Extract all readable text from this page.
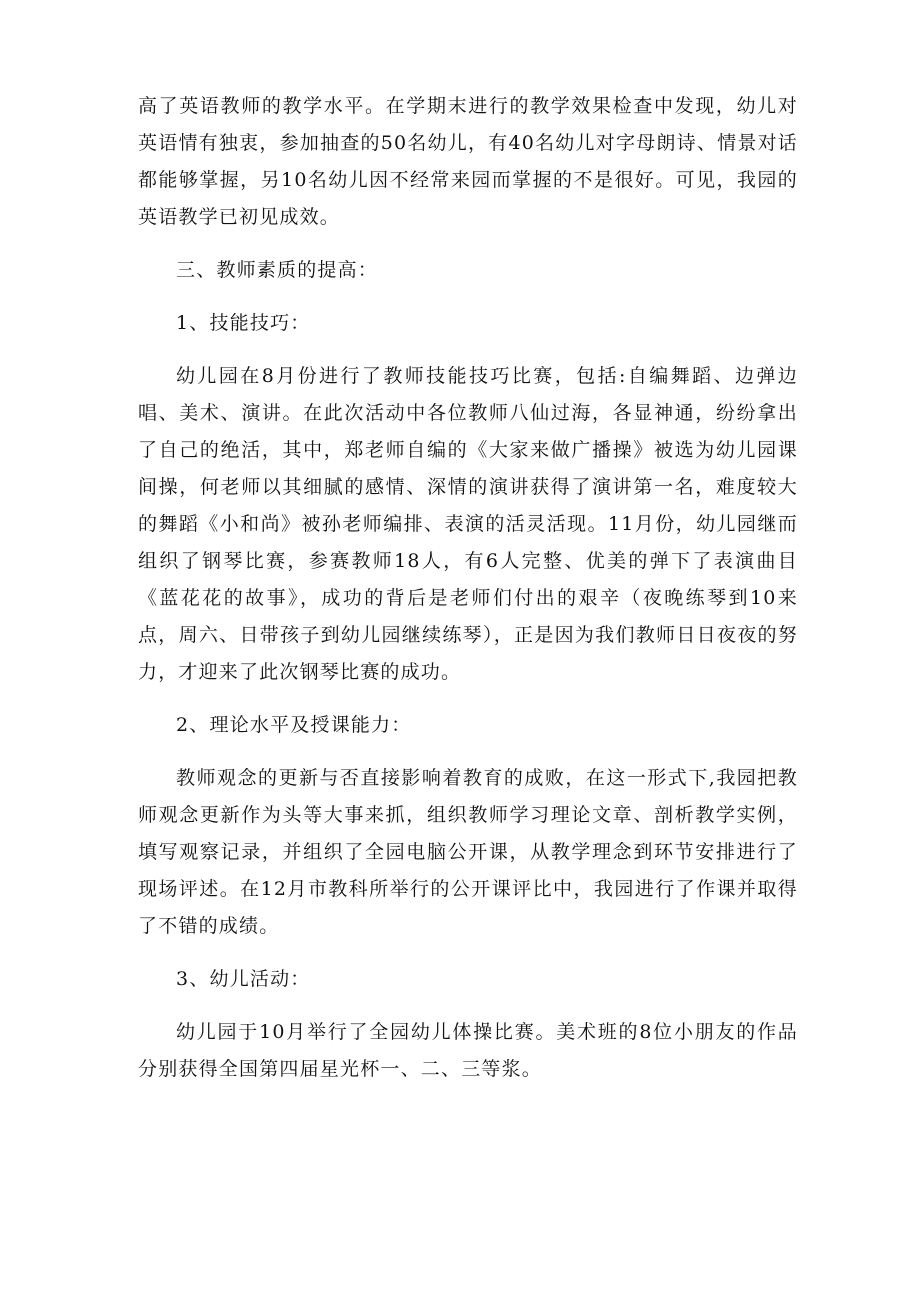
高了英语教师的教学水平。在学期末进行的教学效果检查中发现，幼儿对英语情有独衷，参加抽查的50名幼儿，有40名幼儿对字母朗诗、情景对话都能够掌握，另10名幼儿因不经常来园而掌握的不是很好。可见，我园的英语教学已初见成效。

三、教师素质的提高：

1、技能技巧：

幼儿园在8月份进行了教师技能技巧比赛，包括:自编舞蹈、边弹边唱、美术、演讲。在此次活动中各位教师八仙过海，各显神通，纷纷拿出了自己的绝活，其中，郑老师自编的《大家来做广播操》被选为幼儿园课间操，何老师以其细腻的感情、深情的演讲获得了演讲第一名，难度较大的舞蹈《小和尚》被孙老师编排、表演的活灵活现。11月份，幼儿园继而组织了钢琴比赛，参赛教师18人，有6人完整、优美的弹下了表演曲目《蓝花花的故事》，成功的背后是老师们付出的艰辛（夜晚练琴到10来点，周六、日带孩子到幼儿园继续练琴），正是因为我们教师日日夜夜的努力，才迎来了此次钢琴比赛的成功。

2、理论水平及授课能力：

教师观念的更新与否直接影响着教育的成败，在这一形式下,我园把教师观念更新作为头等大事来抓，组织教师学习理论文章、剖析教学实例，填写观察记录，并组织了全园电脑公开课，从教学理念到环节安排进行了现场评述。在12月市教科所举行的公开课评比中，我园进行了作课并取得了不错的成绩。

3、幼儿活动：

幼儿园于10月举行了全园幼儿体操比赛。美术班的8位小朋友的作品分别获得全国第四届星光杯一、二、三等浆。
